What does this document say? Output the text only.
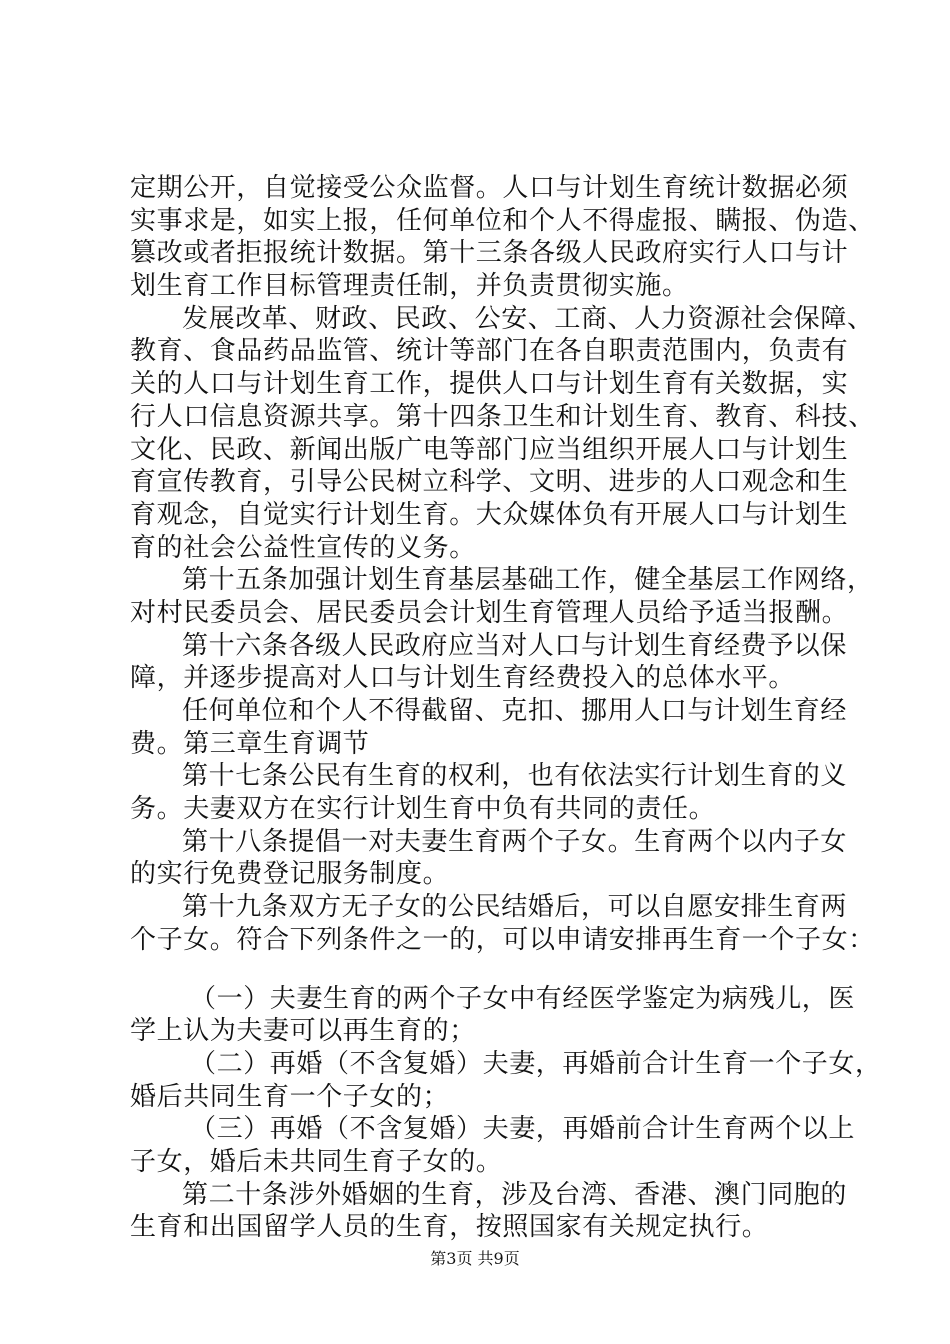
定期公开，自觉接受公众监督。人口与计划生育统计数据必须
实事求是，如实上报，任何单位和个人不得虚报、瞒报、伪造、
篡改或者拒报统计数据。第十三条各级人民政府实行人口与计
划生育工作目标管理责任制，并负责贯彻实施。
发展改革、财政、民政、公安、工商、人力资源社会保障、
教育、食品药品监管、统计等部门在各自职责范围内，负责有
关的人口与计划生育工作，提供人口与计划生育有关数据，实
行人口信息资源共享。第十四条卫生和计划生育、教育、科技、
文化、民政、新闻出版广电等部门应当组织开展人口与计划生
育宣传教育，引导公民树立科学、文明、进步的人口观念和生
育观念，自觉实行计划生育。大众媒体负有开展人口与计划生
育的社会公益性宣传的义务。
第十五条加强计划生育基层基础工作，健全基层工作网络，
对村民委员会、居民委员会计划生育管理人员给予适当报酬。
第十六条各级人民政府应当对人口与计划生育经费予以保
障，并逐步提高对人口与计划生育经费投入的总体水平。
任何单位和个人不得截留、克扣、挪用人口与计划生育经
费。第三章生育调节
第十七条公民有生育的权利，也有依法实行计划生育的义
务。夫妻双方在实行计划生育中负有共同的责任。
第十八条提倡一对夫妻生育两个子女。生育两个以内子女
的实行免费登记服务制度。
第十九条双方无子女的公民结婚后，可以自愿安排生育两
个子女。符合下列条件之一的，可以申请安排再生育一个子女：
（一）夫妻生育的两个子女中有经医学鉴定为病残儿，医
学上认为夫妻可以再生育的；
（二）再婚（不含复婚）夫妻，再婚前合计生育一个子女，
婚后共同生育一个子女的；
（三）再婚（不含复婚）夫妻，再婚前合计生育两个以上
子女，婚后未共同生育子女的。
第二十条涉外婚姻的生育，涉及台湾、香港、澳门同胞的
生育和出国留学人员的生育，按照国家有关规定执行。
第3页 共9页
